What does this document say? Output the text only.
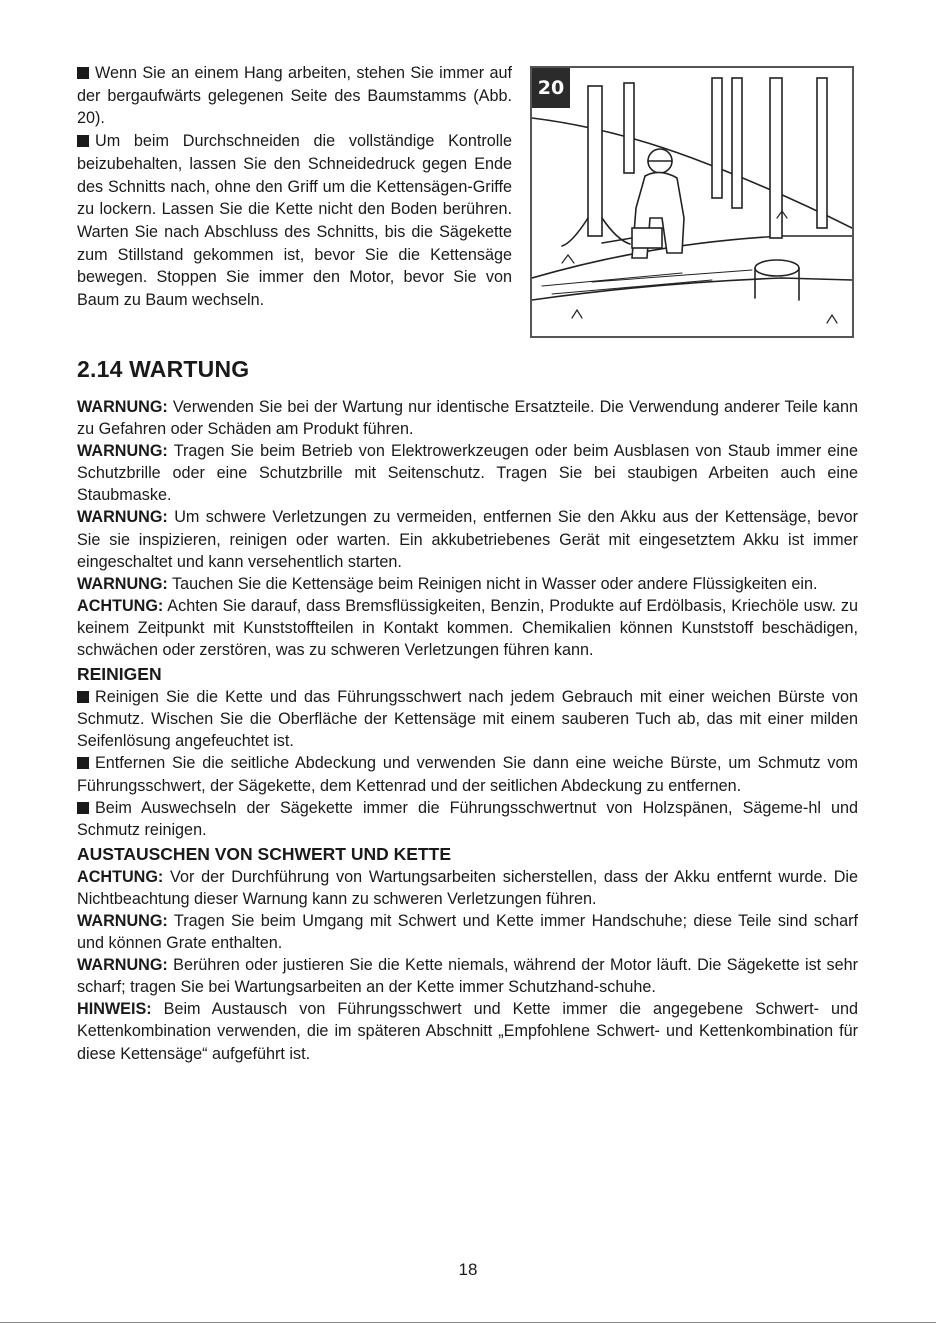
Wenn Sie an einem Hang arbeiten, stehen Sie immer auf der bergaufwärts gelegenen Seite des Baumstamms (Abb. 20).

Um beim Durchschneiden die vollständige Kontrolle beizubehalten, lassen Sie den Schneidedruck gegen Ende des Schnitts nach, ohne den Griff um die Kettensägen-Griffe zu lockern. Lassen Sie die Kette nicht den Boden berühren. Warten Sie nach Abschluss des Schnitts, bis die Sägekette zum Stillstand gekommen ist, bevor Sie die Kettensäge bewegen. Stoppen Sie immer den Motor, bevor Sie von Baum zu Baum wechseln.

20
2.14 WARTUNG

WARNUNG: Verwenden Sie bei der Wartung nur identische Ersatzteile. Die Verwendung anderer Teile kann zu Gefahren oder Schäden am Produkt führen.

WARNUNG: Tragen Sie beim Betrieb von Elektrowerkzeugen oder beim Ausblasen von Staub immer eine Schutzbrille oder eine Schutzbrille mit Seitenschutz. Tragen Sie bei staubigen Arbeiten auch eine Staubmaske.

WARNUNG: Um schwere Verletzungen zu vermeiden, entfernen Sie den Akku aus der Kettensäge, bevor Sie sie inspizieren, reinigen oder warten. Ein akkubetriebenes Gerät mit eingesetztem Akku ist immer eingeschaltet und kann versehentlich starten.

WARNUNG: Tauchen Sie die Kettensäge beim Reinigen nicht in Wasser oder andere Flüssigkeiten ein.

ACHTUNG: Achten Sie darauf, dass Bremsflüssigkeiten, Benzin, Produkte auf Erdölbasis, Kriechöle usw. zu keinem Zeitpunkt mit Kunststoffteilen in Kontakt kommen. Chemikalien können Kunststoff beschädigen, schwächen oder zerstören, was zu schweren Verletzungen führen kann.

REINIGEN

Reinigen Sie die Kette und das Führungsschwert nach jedem Gebrauch mit einer weichen Bürste von Schmutz. Wischen Sie die Oberfläche der Kettensäge mit einem sauberen Tuch ab, das mit einer milden Seifenlösung angefeuchtet ist.

Entfernen Sie die seitliche Abdeckung und verwenden Sie dann eine weiche Bürste, um Schmutz vom Führungsschwert, der Sägekette, dem Kettenrad und der seitlichen Abdeckung zu entfernen.

Beim Auswechseln der Sägekette immer die Führungsschwertnut von Holzspänen, Sägeme-hl und Schmutz reinigen.

AUSTAUSCHEN VON SCHWERT UND KETTE

ACHTUNG: Vor der Durchführung von Wartungsarbeiten sicherstellen, dass der Akku entfernt wurde. Die Nichtbeachtung dieser Warnung kann zu schweren Verletzungen führen.

WARNUNG: Tragen Sie beim Umgang mit Schwert und Kette immer Handschuhe; diese Teile sind scharf und können Grate enthalten.

WARNUNG: Berühren oder justieren Sie die Kette niemals, während der Motor läuft. Die Sägekette ist sehr scharf; tragen Sie bei Wartungsarbeiten an der Kette immer Schutzhand-schuhe.

HINWEIS: Beim Austausch von Führungsschwert und Kette immer die angegebene Schwert- und Kettenkombination verwenden, die im späteren Abschnitt „Empfohlene Schwert- und Kettenkombination für diese Kettensäge“ aufgeführt ist.

18
